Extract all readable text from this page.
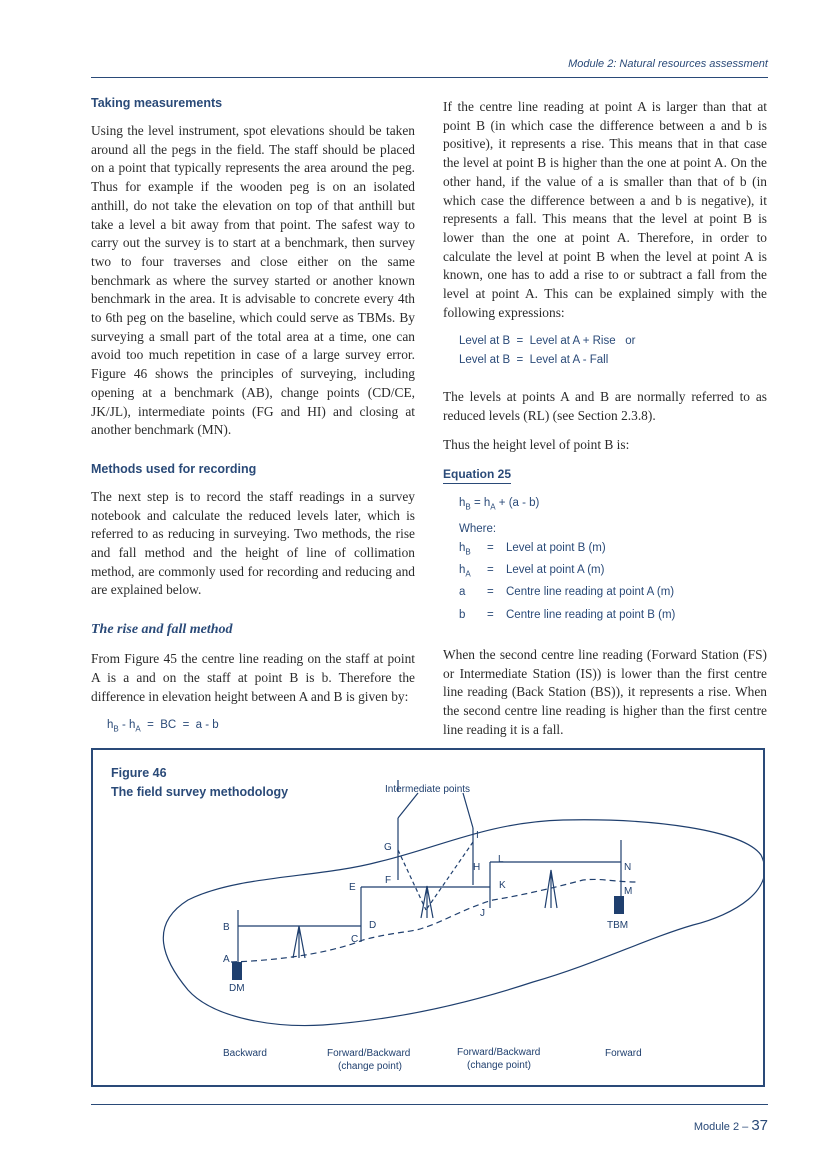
Module 2: Natural resources assessment
Taking measurements

Using the level instrument, spot elevations should be taken around all the pegs in the field. The staff should be placed on a point that typically represents the area around the peg. Thus for example if the wooden peg is on an isolated anthill, do not take the elevation on top of that anthill but take a level a bit away from that point. The safest way to carry out the survey is to start at a benchmark, then survey two to four traverses and close either on the same benchmark as where the survey started or another known benchmark in the area. It is advisable to concrete every 4th to 6th peg on the baseline, which could serve as TBMs. By surveying a small part of the total area at a time, one can avoid too much repetition in case of a large survey error. Figure 46 shows the principles of surveying, including opening at a benchmark (AB), change points (CD/CE, JK/JL), intermediate points (FG and HI) and closing at another benchmark (MN).

Methods used for recording

The next step is to record the staff readings in a survey notebook and calculate the reduced levels later, which is referred to as reducing in surveying. Two methods, the rise and fall method and the height of line of collimation method, are commonly used for recording and reducing and are explained below.

The rise and fall method

From Figure 45 the centre line reading on the staff at point A is a and on the staff at point B is b. Therefore the difference in elevation height between A and B is given by:

$h_B - h_A$  =  BC  =  a - b

If the centre line reading at point A is larger than that at point B (in which case the difference between a and b is positive), it represents a rise. This means that in that case the level at point B is higher than the one at point A. On the other hand, if the value of a is smaller than that of b (in which case the difference between a and b is negative), it represents a fall. This means that the level at point B is lower than the one at point A. Therefore, in order to calculate the level at point B when the level at point A is known, one has to add a rise to or subtract a fall from the level at point A. This can be explained simply with the following expressions:

Level at B  =  Level at A + Rise   or
Level at B  =  Level at A - Fall

The levels at points A and B are normally referred to as reduced levels (RL) (see Section 2.3.8).

Thus the height level of point B is:

Equation 25
$h_B = h_A + (a - b)$
Where:
$h_B$	=	Level at point B (m)
$h_A$	=	Level at point A (m)
a	=	Centre line reading at point A (m)
b	=	Centre line reading at point B (m)

When the second centre line reading (Forward Station (FS) or Intermediate Station (IS)) is lower than the first centre line reading (Back Station (BS)), it represents a rise. When the second centre line reading is higher than the first centre line reading it is a fall.

Figure 46
The field survey methodology	Intermediate points
A
B
C
D
E
F
G
H
I
J
K
L
M
N
DM
TBM
Backward	Forward/Backward
(change point)
Forward/Backward
(change point)
Forward
Module 2 – 37
